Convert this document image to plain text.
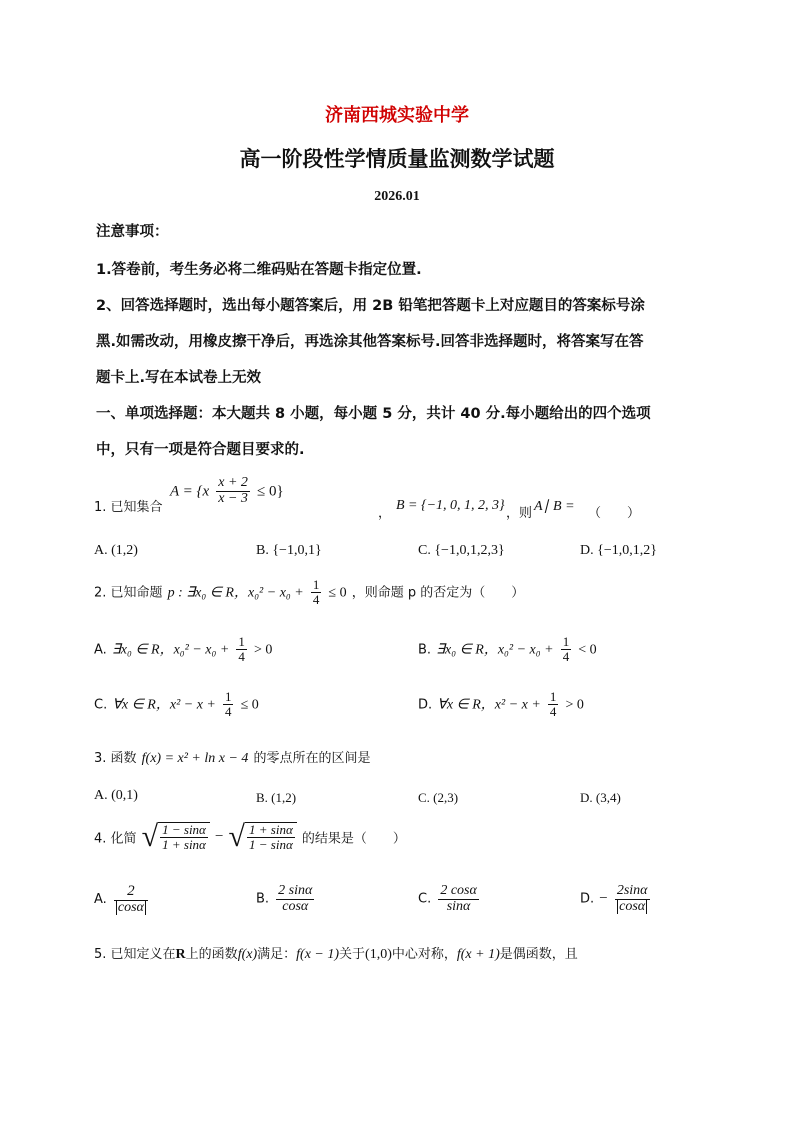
济南西城实验中学
高一阶段性学情质量监测数学试题
2026.01
注意事项：
1.答卷前，考生务必将二维码贴在答题卡指定位置.
2、回答选择题时，选出每小题答案后，用 2B 铅笔把答题卡上对应题目的答案标号涂
黑.如需改动，用橡皮擦干净后，再选涂其他答案标号.回答非选择题时，将答案写在答
题卡上.写在本试卷上无效
一、单项选择题：本大题共 8 小题，每小题 5 分，共计 40 分.每小题给出的四个选项
中，只有一项是符合题目要求的.
$_{1. 已知集合}$
$A = \{x \frac{x + 2}{x - 3} \le 0\}$
，
B = {−1, 0, 1, 2, 3}
，则 A∣ B = （　　）
A. (1,2)	B. {−1,0,1}	C. {−1,0,1,2,3}	D. {−1,0,1,2}
2. 已知命题 p : ∃x₀ ∈ R，$x_0^2 - x_0 + \frac{1}{4} \le 0$ ，则命题 p 的否定为（　　）
A. ∃x₀ ∈ R，$x_0^2 - x_0 + \frac{1}{4} > 0$	B. ∃x₀ ∈ R，$x_0^2 - x_0 + \frac{1}{4} < 0$
C. ∀x ∈ R，$x^2 - x + \frac{1}{4} \le 0$	D. ∀x ∈ R，$x^2 - x + \frac{1}{4} > 0$
3. 函数 f(x) = x² + ln x − 4 的零点所在的区间是
A. (0,1)	B. (1,2)	C. (2,3)	D. (3,4)
4. 化简 √ $\frac{1 - \sin\alpha}{1 + \sin\alpha}$ − √ $\frac{1 + \sin\alpha}{1 - \sin\alpha}$ 的结果是（　　）
A. $\frac{2}{\cos\alpha}$	B. $\frac{2 \sin\alpha}{\cos\alpha}$	C. $\frac{2 \cos\alpha}{\sin\alpha}$	D. − $\frac{2\sin\alpha}{\cos\alpha}$
5. 已知定义在R上的函数f(x)满足：f(x − 1)关于(1,0)中心对称，f(x + 1)是偶函数，且
